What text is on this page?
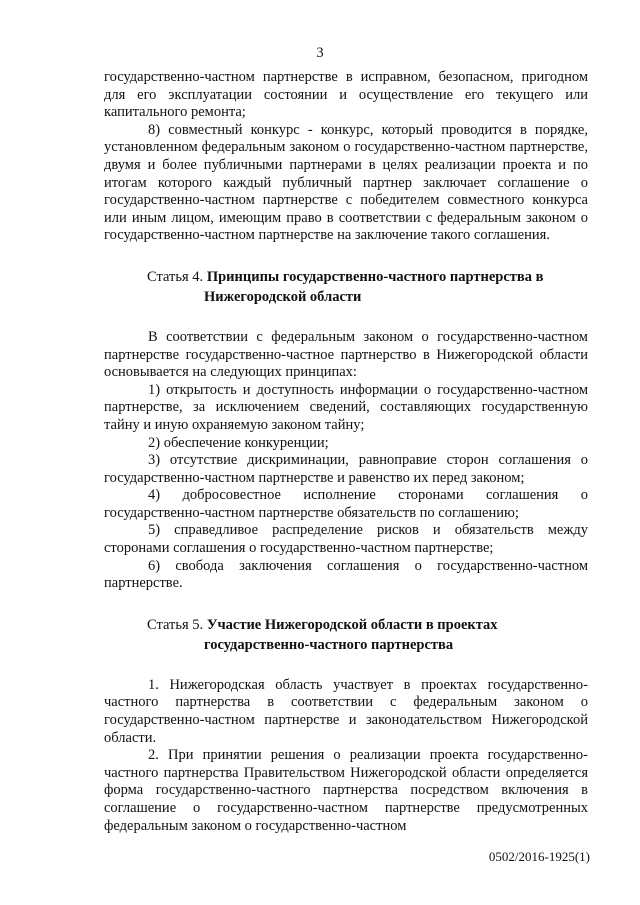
3

государственно-частном партнерстве в исправном, безопасном, пригодном для его эксплуатации состоянии и осуществление его текущего или капитального ремонта;

8) совместный конкурс - конкурс, который проводится в порядке, установленном федеральным законом о государственно-частном партнерстве, двумя и более публичными партнерами в целях реализации проекта и по итогам которого каждый публичный партнер заключает соглашение о государственно-частном партнерстве с победителем совместного конкурса или иным лицом, имеющим право в соответствии с федеральным законом о государственно-частном партнерстве на заключение такого соглашения.

Статья 4. Принципы государственно-частного партнерства в
Нижегородской области

В соответствии с федеральным законом о государственно-частном партнерстве государственно-частное партнерство в Нижегородской области основывается на следующих принципах:

1) открытость и доступность информации о государственно-частном партнерстве, за исключением сведений, составляющих государственную тайну и иную охраняемую законом тайну;

2) обеспечение конкуренции;

3) отсутствие дискриминации, равноправие сторон соглашения о государственно-частном партнерстве и равенство их перед законом;

4) добросовестное исполнение сторонами соглашения о государственно-частном партнерстве обязательств по соглашению;

5) справедливое распределение рисков и обязательств между сторонами соглашения о государственно-частном партнерстве;

6) свобода заключения соглашения о государственно-частном партнерстве.

Статья 5. Участие Нижегородской области в проектах
государственно-частного партнерства

1. Нижегородская область участвует в проектах государственно-частного партнерства в соответствии с федеральным законом о государственно-частном партнерстве и законодательством Нижегородской области.

2. При принятии решения о реализации проекта государственно-частного партнерства Правительством Нижегородской области определяется форма государственно-частного партнерства посредством включения в соглашение о государственно-частном партнерстве предусмотренных федеральным законом о государственно-частном

0502/2016-1925(1)
